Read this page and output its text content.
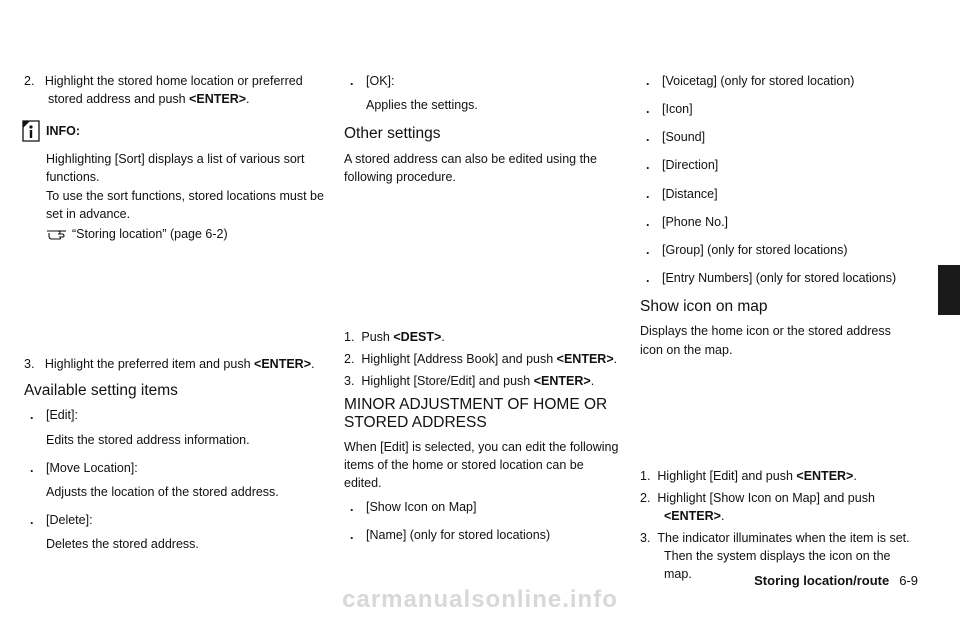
2. Highlight the stored home location or preferred stored address and push <ENTER>.

INFO:

Highlighting [Sort] displays a list of various sort functions.

To use the sort functions, stored locations must be set in advance.

“Storing location” (page 6-2)

3. Highlight the preferred item and push <ENTER>.

Available setting items

. [Edit]:

Edits the stored address information.

. [Move Location]:

Adjusts the location of the stored address.

. [Delete]:

Deletes the stored address.

. [OK]:

Applies the settings.

Other settings

A stored address can also be edited using the following procedure.

1. Push <DEST>.

2. Highlight [Address Book] and push <ENTER>.

3. Highlight [Store/Edit] and push <ENTER>.

MINOR ADJUSTMENT OF HOME OR
STORED ADDRESS

When [Edit] is selected, you can edit the following items of the home or stored location can be edited.

. [Show Icon on Map]

. [Name] (only for stored locations)

. [Voicetag] (only for stored location)

. [Icon]

. [Sound]

. [Direction]

. [Distance]

. [Phone No.]

. [Group] (only for stored locations)

. [Entry Numbers] (only for stored locations)

Show icon on map

Displays the home icon or the stored address icon on the map.

1. Highlight [Edit] and push <ENTER>.

2. Highlight [Show Icon on Map] and push <ENTER>.

3. The indicator illuminates when the item is set. Then the system displays the icon on the map.	Storing location/route 6-9
carmanualsonline.info
